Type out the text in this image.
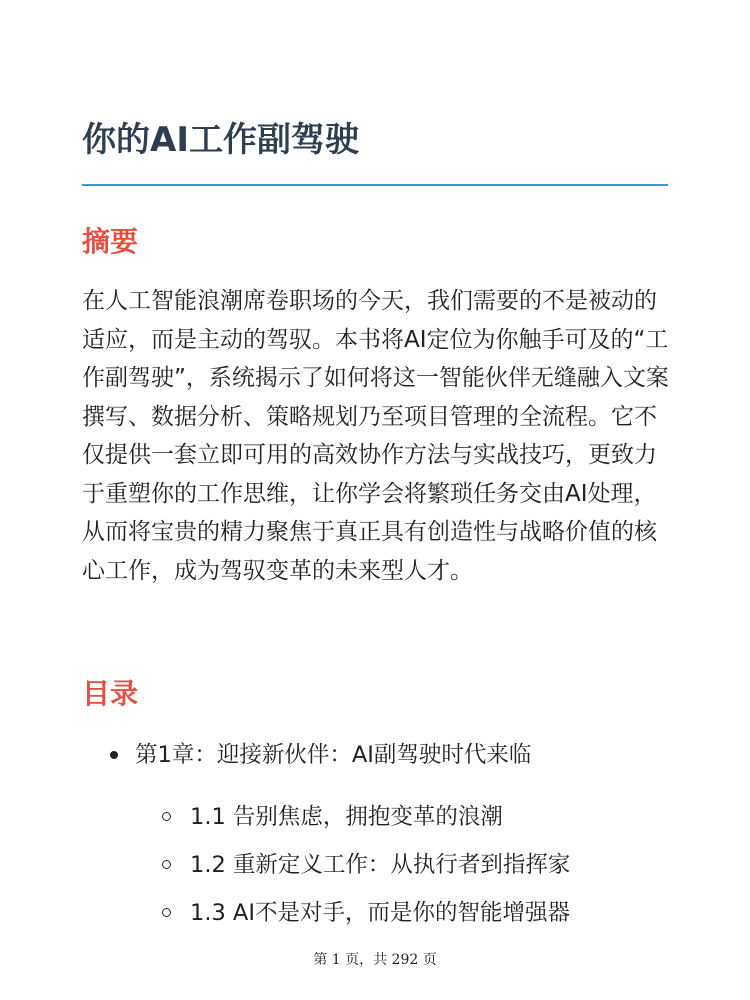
你的AI工作副驾驶
摘要

在人工智能浪潮席卷职场的今天，我们需要的不是被动的适应，而是主动的驾驭。本书将AI定位为你触手可及的“工作副驾驶”，系统揭示了如何将这一智能伙伴无缝融入文案撰写、数据分析、策略规划乃至项目管理的全流程。它不仅提供一套立即可用的高效协作方法与实战技巧，更致力于重塑你的工作思维，让你学会将繁琐任务交由AI处理，从而将宝贵的精力聚焦于真正具有创造性与战略价值的核心工作，成为驾驭变革的未来型人才。

目录
第1章：迎接新伙伴：AI副驾驶时代来临
1.1 告别焦虑，拥抱变革的浪潮
1.2 重新定义工作：从执行者到指挥家
1.3 AI不是对手，而是你的智能增强器
第 1 页，共 292 页
